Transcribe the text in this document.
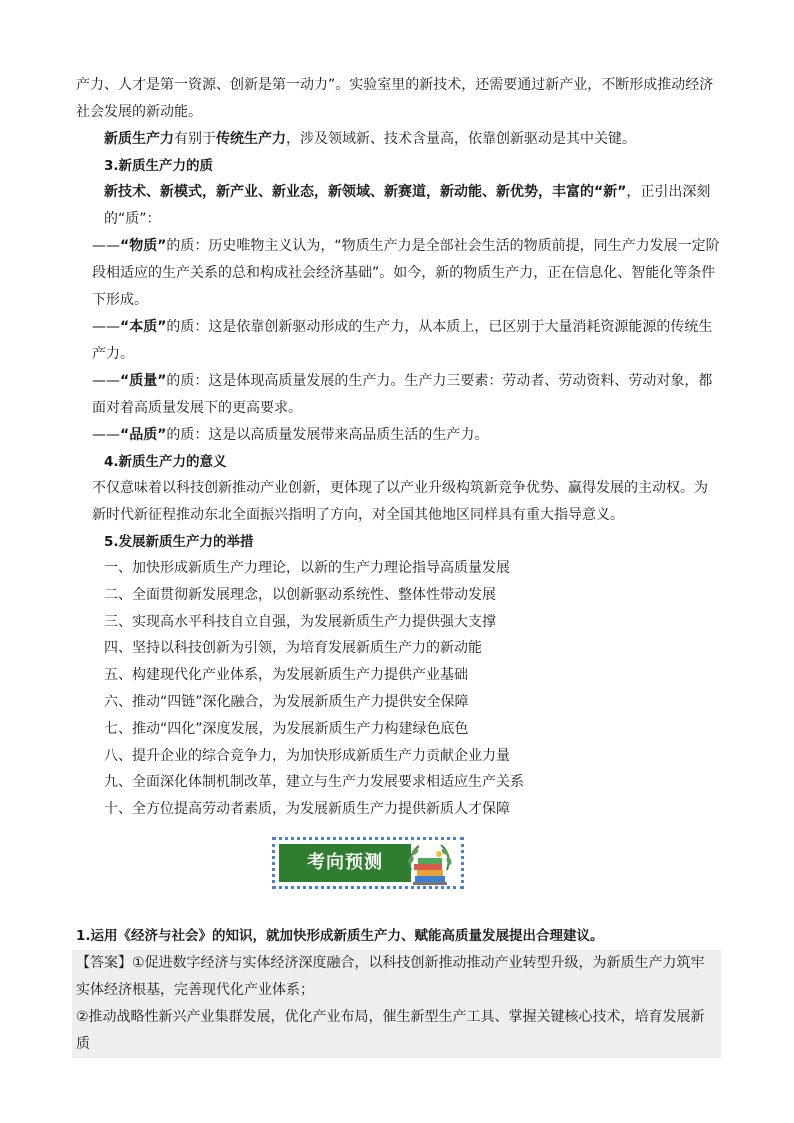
产力、人才是第一资源、创新是第一动力”。实验室里的新技术，还需要通过新产业，不断形成推动经济社会发展的新动能。

新质生产力有别于传统生产力，涉及领域新、技术含量高，依靠创新驱动是其中关键。

3.新质生产力的质

新技术、新模式，新产业、新业态，新领域、新赛道，新动能、新优势，丰富的“新”，正引出深刻的“质”：

——“物质”的质：历史唯物主义认为，“物质生产力是全部社会生活的物质前提，同生产力发展一定阶段相适应的生产关系的总和构成社会经济基础”。如今，新的物质生产力，正在信息化、智能化等条件下形成。

——“本质”的质：这是依靠创新驱动形成的生产力，从本质上，已区别于大量消耗资源能源的传统生产力。

——“质量”的质：这是体现高质量发展的生产力。生产力三要素：劳动者、劳动资料、劳动对象，都面对着高质量发展下的更高要求。

——“品质”的质：这是以高质量发展带来高品质生活的生产力。

4.新质生产力的意义

不仅意味着以科技创新推动产业创新，更体现了以产业升级构筑新竞争优势、赢得发展的主动权。为新时代新征程推动东北全面振兴指明了方向，对全国其他地区同样具有重大指导意义。

5.发展新质生产力的举措

一、加快形成新质生产力理论，以新的生产力理论指导高质量发展

二、全面贯彻新发展理念，以创新驱动系统性、整体性带动发展

三、实现高水平科技自立自强，为发展新质生产力提供强大支撑

四、坚持以科技创新为引领，为培育发展新质生产力的新动能

五、构建现代化产业体系，为发展新质生产力提供产业基础

六、推动“四链”深化融合，为发展新质生产力提供安全保障

七、推动“四化”深度发展，为发展新质生产力构建绿色底色

八、提升企业的综合竞争力，为加快形成新质生产力贡献企业力量

九、全面深化体制机制改革，建立与生产力发展要求相适应生产关系

十、全方位提高劳动者素质，为发展新质生产力提供新质人才保障

考向预测

1.运用《经济与社会》的知识，就加快形成新质生产力、赋能高质量发展提出合理建议。

【答案】①促进数字经济与实体经济深度融合，以科技创新推动推动产业转型升级，为新质生产力筑牢实体经济根基，完善现代化产业体系；

②推动战略性新兴产业集群发展，优化产业布局，催生新型生产工具、掌握关键核心技术，培育发展新质
